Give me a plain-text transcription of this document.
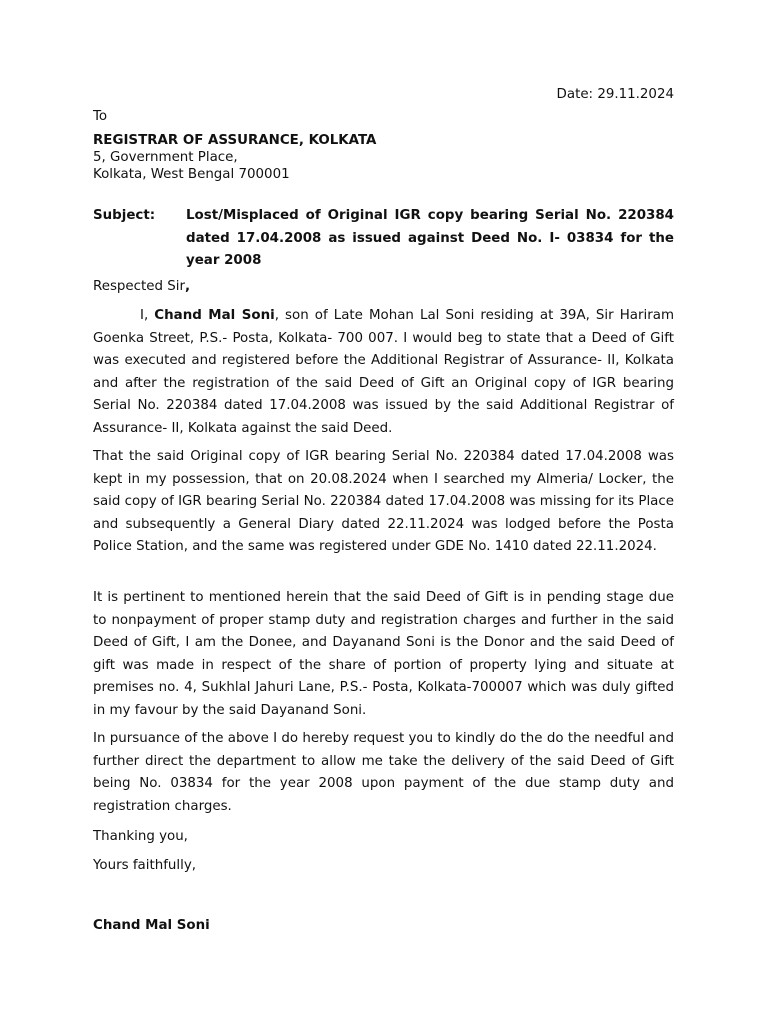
Date: 29.11.2024

To

REGISTRAR OF ASSURANCE, KOLKATA
5, Government Place,
Kolkata, West Bengal 700001

Subject: Lost/Misplaced of Original IGR copy bearing Serial No. 220384 dated 17.04.2008 as issued against Deed No. I- 03834 for the year 2008

Respected Sir,

I, Chand Mal Soni, son of Late Mohan Lal Soni residing at 39A, Sir Hariram Goenka Street, P.S.- Posta, Kolkata- 700 007. I would beg to state that a Deed of Gift was executed and registered before the Additional Registrar of Assurance- II, Kolkata and after the registration of the said Deed of Gift an Original copy of IGR bearing Serial No. 220384 dated 17.04.2008 was issued by the said Additional Registrar of Assurance- II, Kolkata against the said Deed.

That the said Original copy of IGR bearing Serial No. 220384 dated 17.04.2008 was kept in my possession, that on 20.08.2024 when I searched my Almeria/ Locker, the said copy of IGR bearing Serial No. 220384 dated 17.04.2008 was missing for its Place and subsequently a General Diary dated 22.11.2024 was lodged before the Posta Police Station, and the same was registered under GDE No. 1410 dated 22.11.2024.

It is pertinent to mentioned herein that the said Deed of Gift is in pending stage due to nonpayment of proper stamp duty and registration charges and further in the said Deed of Gift, I am the Donee, and Dayanand Soni is the Donor and the said Deed of gift was made in respect of the share of portion of property lying and situate at premises no. 4, Sukhlal Jahuri Lane, P.S.- Posta, Kolkata-700007 which was duly gifted in my favour by the said Dayanand Soni.

In pursuance of the above I do hereby request you to kindly do the do the needful and further direct the department to allow me take the delivery of the said Deed of Gift being No. 03834 for the year 2008 upon payment of the due stamp duty and registration charges.

Thanking you,

Yours faithfully,

Chand Mal Soni
